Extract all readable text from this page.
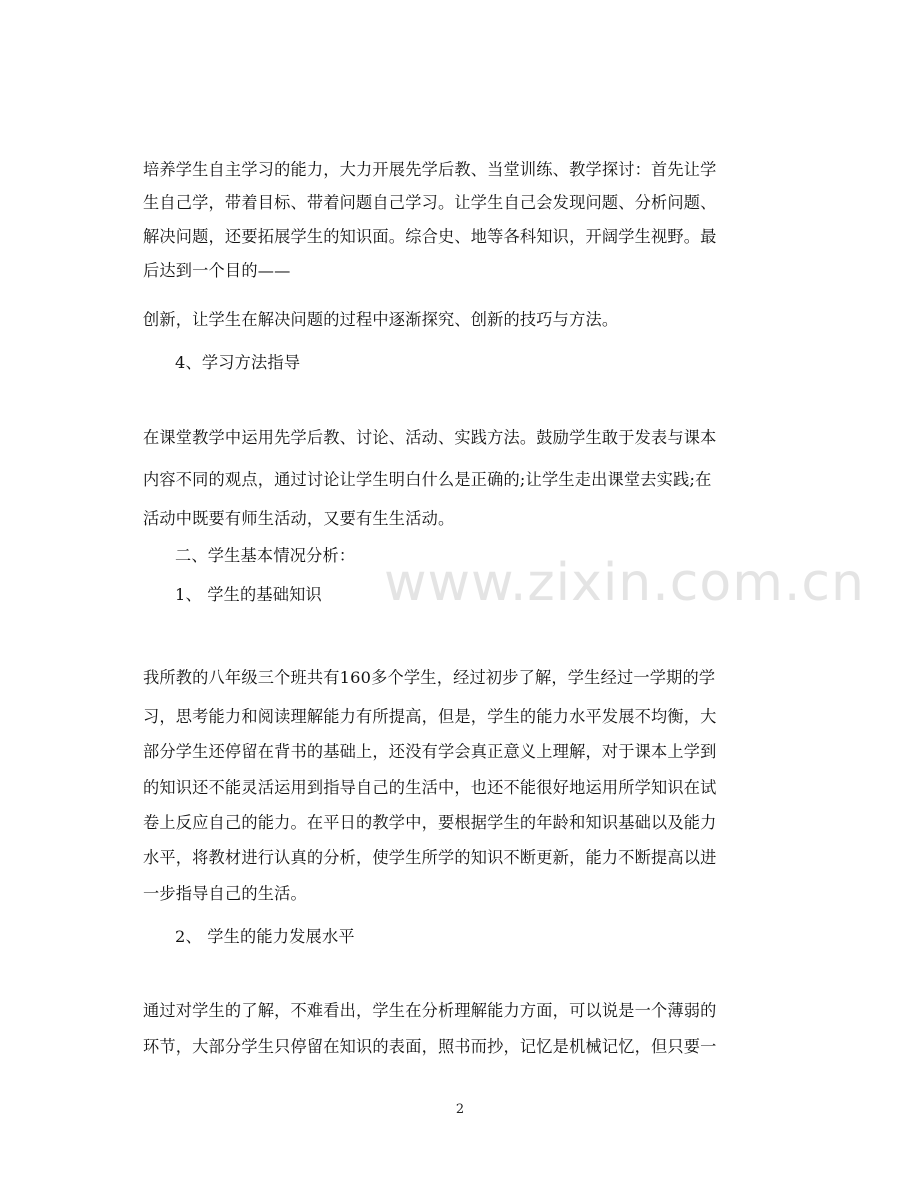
www.zixin.com.cn
培养学生自主学习的能力，大力开展先学后教、当堂训练、教学探讨：首先让学
生自己学，带着目标、带着问题自己学习。让学生自己会发现问题、分析问题、
解决问题，还要拓展学生的知识面。综合史、地等各科知识，开阔学生视野。最
后达到一个目的——
创新，让学生在解决问题的过程中逐渐探究、创新的技巧与方法。
4、学习方法指导
在课堂教学中运用先学后教、讨论、活动、实践方法。鼓励学生敢于发表与课本
内容不同的观点，通过讨论让学生明白什么是正确的;让学生走出课堂去实践;在
活动中既要有师生活动，又要有生生活动。
二、学生基本情况分析：
1、 学生的基础知识
我所教的八年级三个班共有160多个学生，经过初步了解，学生经过一学期的学
习，思考能力和阅读理解能力有所提高，但是，学生的能力水平发展不均衡，大
部分学生还停留在背书的基础上，还没有学会真正意义上理解，对于课本上学到
的知识还不能灵活运用到指导自己的生活中，也还不能很好地运用所学知识在试
卷上反应自己的能力。在平日的教学中，要根据学生的年龄和知识基础以及能力
水平，将教材进行认真的分析，使学生所学的知识不断更新，能力不断提高以进
一步指导自己的生活。
2、 学生的能力发展水平
通过对学生的了解，不难看出，学生在分析理解能力方面，可以说是一个薄弱的
环节，大部分学生只停留在知识的表面，照书而抄，记忆是机械记忆，但只要一
2
